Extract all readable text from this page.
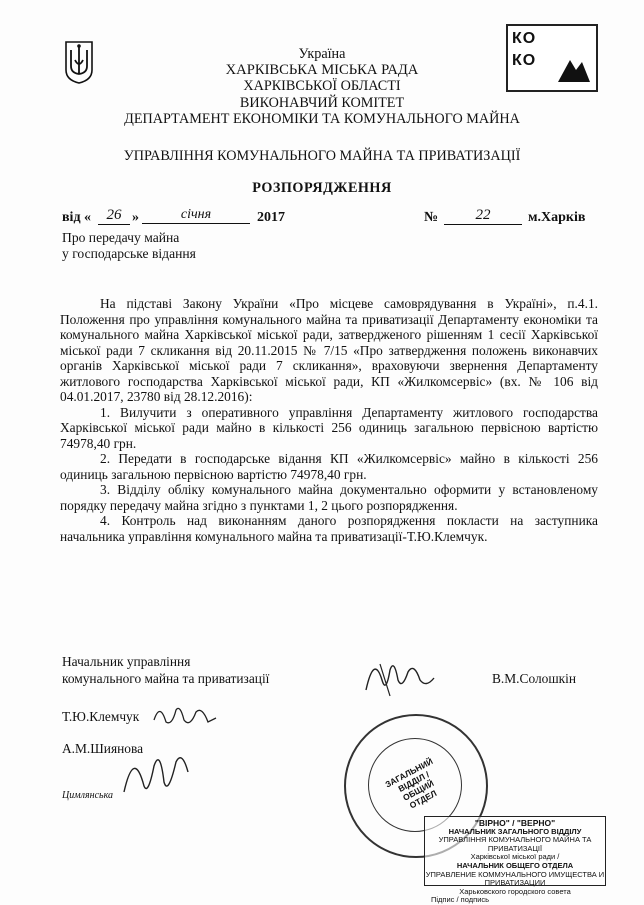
КО
КО
Україна
ХАРКІВСЬКА МІСЬКА РАДА
ХАРКІВСЬКОЇ ОБЛАСТІ
ВИКОНАВЧИЙ КОМІТЕТ
ДЕПАРТАМЕНТ ЕКОНОМІКИ ТА КОМУНАЛЬНОГО МАЙНА
УПРАВЛІННЯ КОМУНАЛЬНОГО МАЙНА ТА ПРИВАТИЗАЦІЇ
РОЗПОРЯДЖЕННЯ
від «	26 »	січня	2017	№	22	м.Харків
Про передачу майна
у господарське відання

На підставі Закону України «Про місцеве самоврядування в Україні», п.4.1. Положення про управління комунального майна та приватизації Департаменту економіки та комунального майна Харківської міської ради, затвердженого рішенням 1 сесії Харківської міської ради 7 скликання від 20.11.2015 № 7/15 «Про затвердження положень виконавчих органів Харківської міської ради 7 скликання», враховуючи звернення Департаменту житлового господарства Харківської міської ради, КП «Жилкомсервіс» (вх. № 106 від 04.01.2017, 23780 від 28.12.2016):

1. Вилучити з оперативного управління Департаменту житлового господарства Харківської міської ради майно в кількості 256 одиниць загальною первісною вартістю 74978,40 грн.

2. Передати в господарське відання КП «Жилкомсервіс» майно в кількості 256 одиниць загальною первісною вартістю 74978,40 грн.

3. Відділу обліку комунального майна документально оформити у встановленому порядку передачу майна згідно з пунктами 1, 2 цього розпорядження.

4. Контроль над виконанням даного розпорядження покласти на заступника начальника управління комунального майна та приватизації-Т.Ю.Клемчук.

Начальник управління
комунального майна та приватизації	В.М.Солошкін
Т.Ю.Клемчук
А.М.Шиянова
Цимлянська
ЗАГАЛЬНИЙ ВІДДІЛ / ОБЩИЙ ОТДЕЛ
"ВІРНО" / "ВЕРНО"
НАЧАЛЬНИК ЗАГАЛЬНОГО ВІДДІЛУ
УПРАВЛІННЯ КОМУНАЛЬНОГО МАЙНА ТА ПРИВАТИЗАЦІЇ
Харківської міської ради /
НАЧАЛЬНИК ОБЩЕГО ОТДЕЛА
УПРАВЛЕНИЕ КОММУНАЛЬНОГО ИМУЩЕСТВА И ПРИВАТИЗАЦИИ
Харьковского городского совета
Підпис / подпись
